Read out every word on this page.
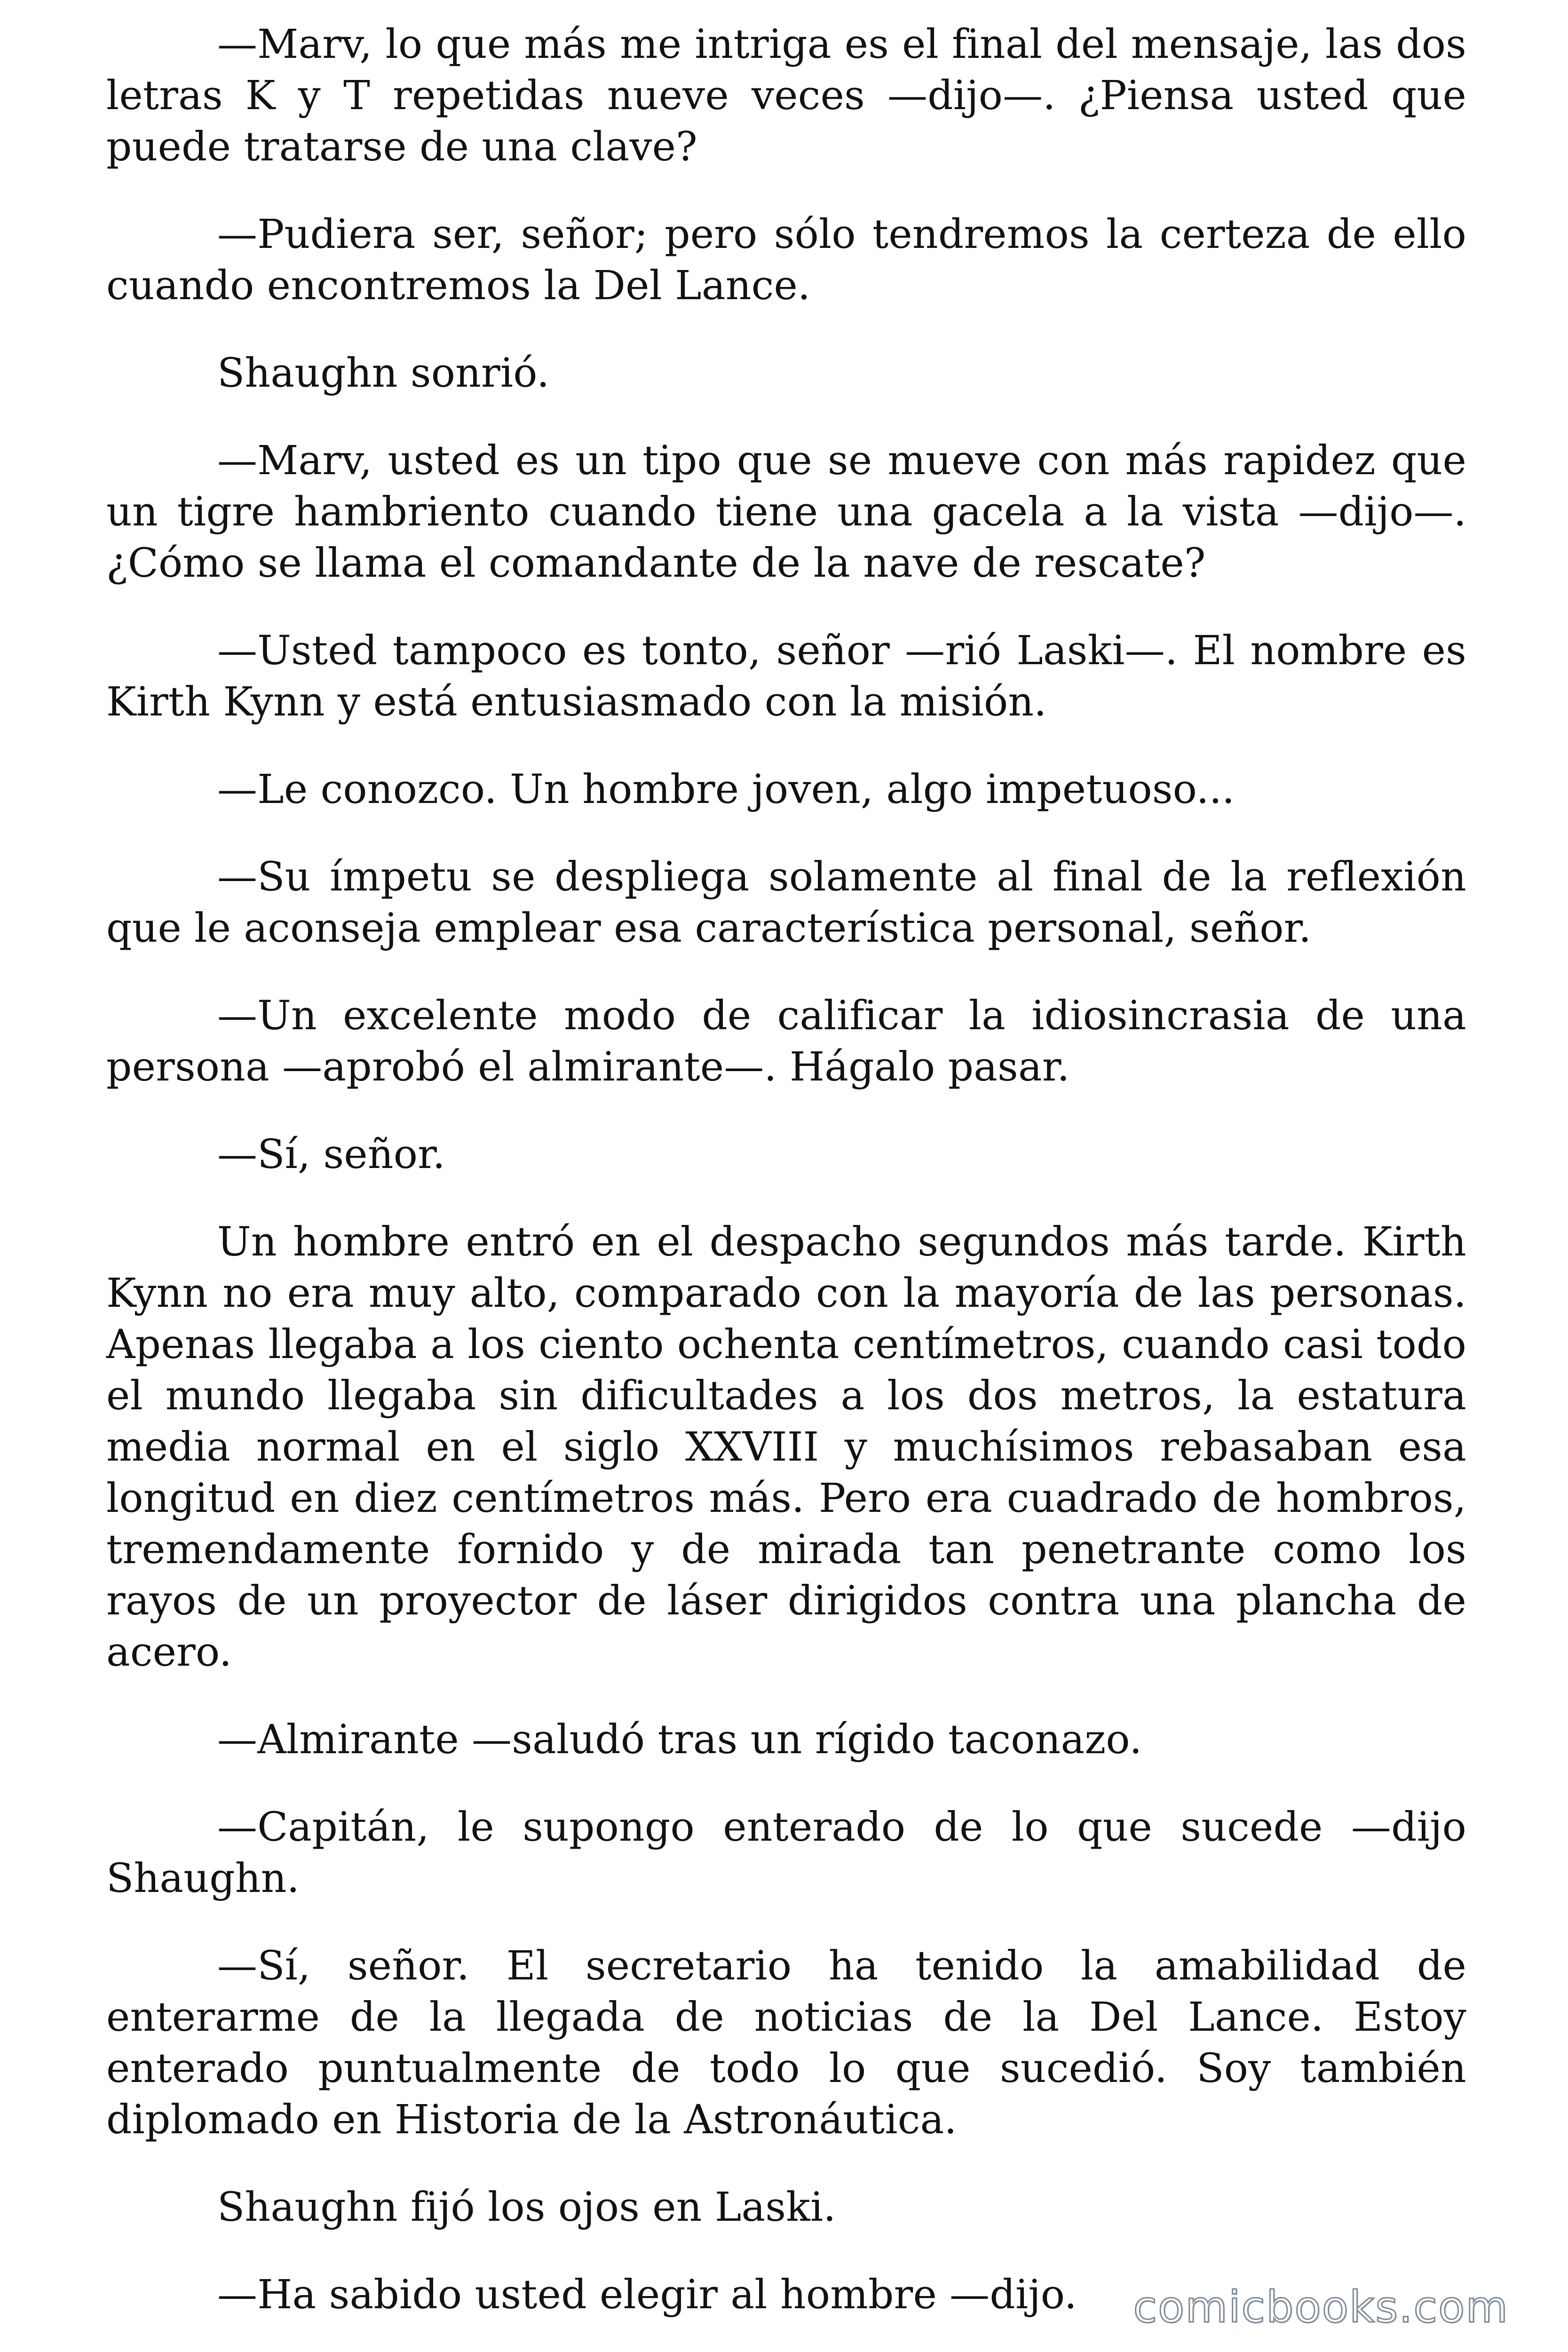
—Marv, lo que más me intriga es el final del mensaje, las dos letras K y T repetidas nueve veces —dijo—. ¿Piensa usted que puede tratarse de una clave?

—Pudiera ser, señor; pero sólo tendremos la certeza de ello cuando encontremos la Del Lance.

Shaughn sonrió.

—Marv, usted es un tipo que se mueve con más rapidez que un tigre hambriento cuando tiene una gacela a la vista —dijo—. ¿Cómo se llama el comandante de la nave de rescate?

—Usted tampoco es tonto, señor —rió Laski—. El nombre es Kirth Kynn y está entusiasmado con la misión.

—Le conozco. Un hombre joven, algo impetuoso...

—Su ímpetu se despliega solamente al final de la reflexión que le aconseja emplear esa característica personal, señor.

—Un excelente modo de calificar la idiosincrasia de una persona —aprobó el almirante—. Hágalo pasar.

—Sí, señor.

Un hombre entró en el despacho segundos más tarde. Kirth Kynn no era muy alto, comparado con la mayoría de las personas. Apenas llegaba a los ciento ochenta centímetros, cuando casi todo el mundo llegaba sin dificultades a los dos metros, la estatura media normal en el siglo XXVIII y muchísimos rebasaban esa longitud en diez centímetros más. Pero era cuadrado de hombros, tremendamente fornido y de mirada tan penetrante como los rayos de un proyector de láser dirigidos contra una plancha de acero.

—Almirante —saludó tras un rígido taconazo.

—Capitán, le supongo enterado de lo que sucede —dijo Shaughn.

—Sí, señor. El secretario ha tenido la amabilidad de enterarme de la llegada de noticias de la Del Lance. Estoy enterado puntualmente de todo lo que sucedió. Soy también diplomado en Historia de la Astronáutica.

Shaughn fijó los ojos en Laski.

—Ha sabido usted elegir al hombre —dijo.	comicbooks.com
